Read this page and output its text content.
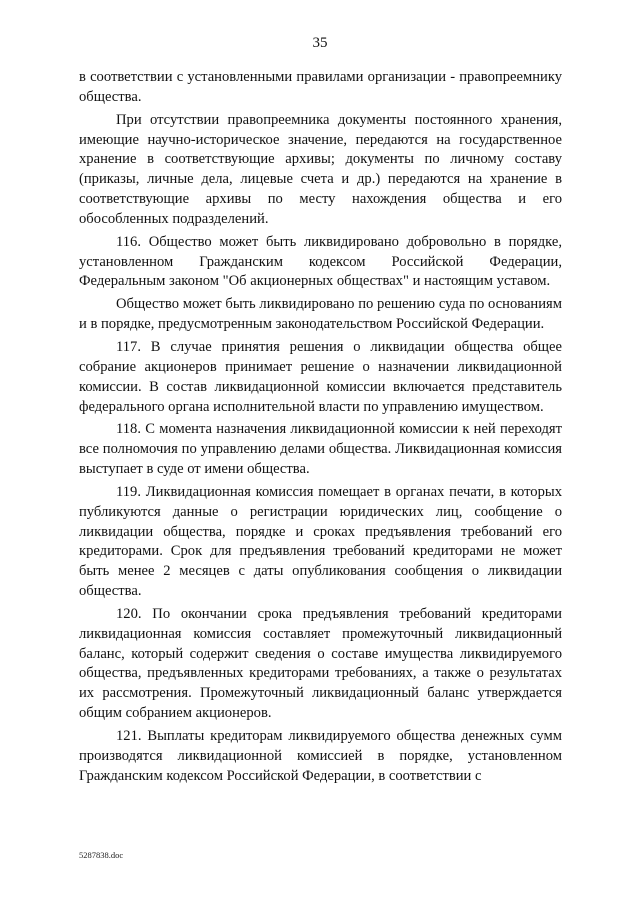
35

в соответствии с установленными правилами организации - правопреемнику общества.

При отсутствии правопреемника документы постоянного хранения, имеющие научно-историческое значение, передаются на государственное хранение в соответствующие архивы; документы по личному составу (приказы, личные дела, лицевые счета и др.) передаются на хранение в соответствующие архивы по месту нахождения общества и его обособленных подразделений.

116. Общество может быть ликвидировано добровольно в порядке, установленном Гражданским кодексом Российской Федерации, Федеральным законом "Об акционерных обществах" и настоящим уставом.

Общество может быть ликвидировано по решению суда по основаниям и в порядке, предусмотренным законодательством Российской Федерации.

117. В случае принятия решения о ликвидации общества общее собрание акционеров принимает решение о назначении ликвидационной комиссии. В состав ликвидационной комиссии включается представитель федерального органа исполнительной власти по управлению имуществом.

118. С момента назначения ликвидационной комиссии к ней переходят все полномочия по управлению делами общества. Ликвидационная комиссия выступает в суде от имени общества.

119. Ликвидационная комиссия помещает в органах печати, в которых публикуются данные о регистрации юридических лиц, сообщение о ликвидации общества, порядке и сроках предъявления требований его кредиторами. Срок для предъявления требований кредиторами не может быть менее 2 месяцев с даты опубликования сообщения о ликвидации общества.

120. По окончании срока предъявления требований кредиторами ликвидационная комиссия составляет промежуточный ликвидационный баланс, который содержит сведения о составе имущества ликвидируемого общества, предъявленных кредиторами требованиях, а также о результатах их рассмотрения. Промежуточный ликвидационный баланс утверждается общим собранием акционеров.

121. Выплаты кредиторам ликвидируемого общества денежных сумм производятся ликвидационной комиссией в порядке, установленном Гражданским кодексом Российской Федерации, в соответствии с

5287838.doc
